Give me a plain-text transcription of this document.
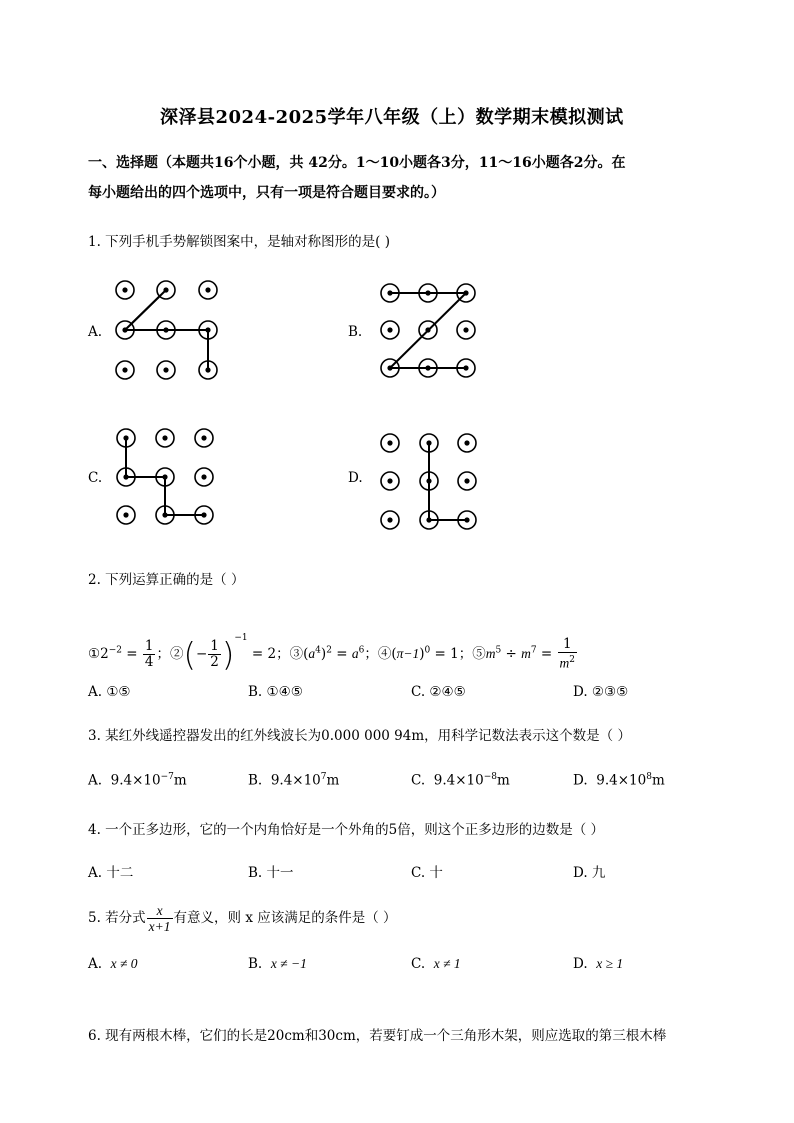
深泽县2024-2025学年八年级（上）数学期末模拟测试
一、选择题（本题共16个小题，共 42分。1～10小题各3分，11～16小题各2分。在
每小题给出的四个选项中，只有一项是符合题目要求的。）
1. 下列手机手势解锁图案中，是轴对称图形的是( )
A.	B.
C.	D.
2. 下列运算正确的是（ ）
$①2^{-2} = \frac{1}{4}$ ；②(− $\frac{1}{2} )^{-1} = 2$；$③(a^4)^2 = a^6$；$④(\pi-1)^0 = 1$；$⑤m^5 \div m^7 = \frac{1}{m^2}$
A. ①⑤	B. ①④⑤	C. ②④⑤	D. ②③⑤
3. 某红外线遥控器发出的红外线波长为0.000 000 94m，用科学记数法表示这个数是（ ）
A. $9.4\times 10^{-7}m$	B. $9.4\times 10^7m$	C. $9.4\times 10^{-8}m$	D. $9.4\times 10^8m$
4. 一个正多边形，它的一个内角恰好是一个外角的5倍，则这个正多边形的边数是（ ）
A. 十二	B. 十一	C. 十	D. 九
5. 若分式 $\frac{x}{x+1}$ 有意义，则 x 应该满足的条件是（ ）
A. x ≠ 0	B. x ≠ −1	C. x ≠ 1	D. x ≥ 1
6. 现有两根木棒，它们的长是20cm和30cm，若要钉成一个三角形木架，则应选取的第三根木棒
